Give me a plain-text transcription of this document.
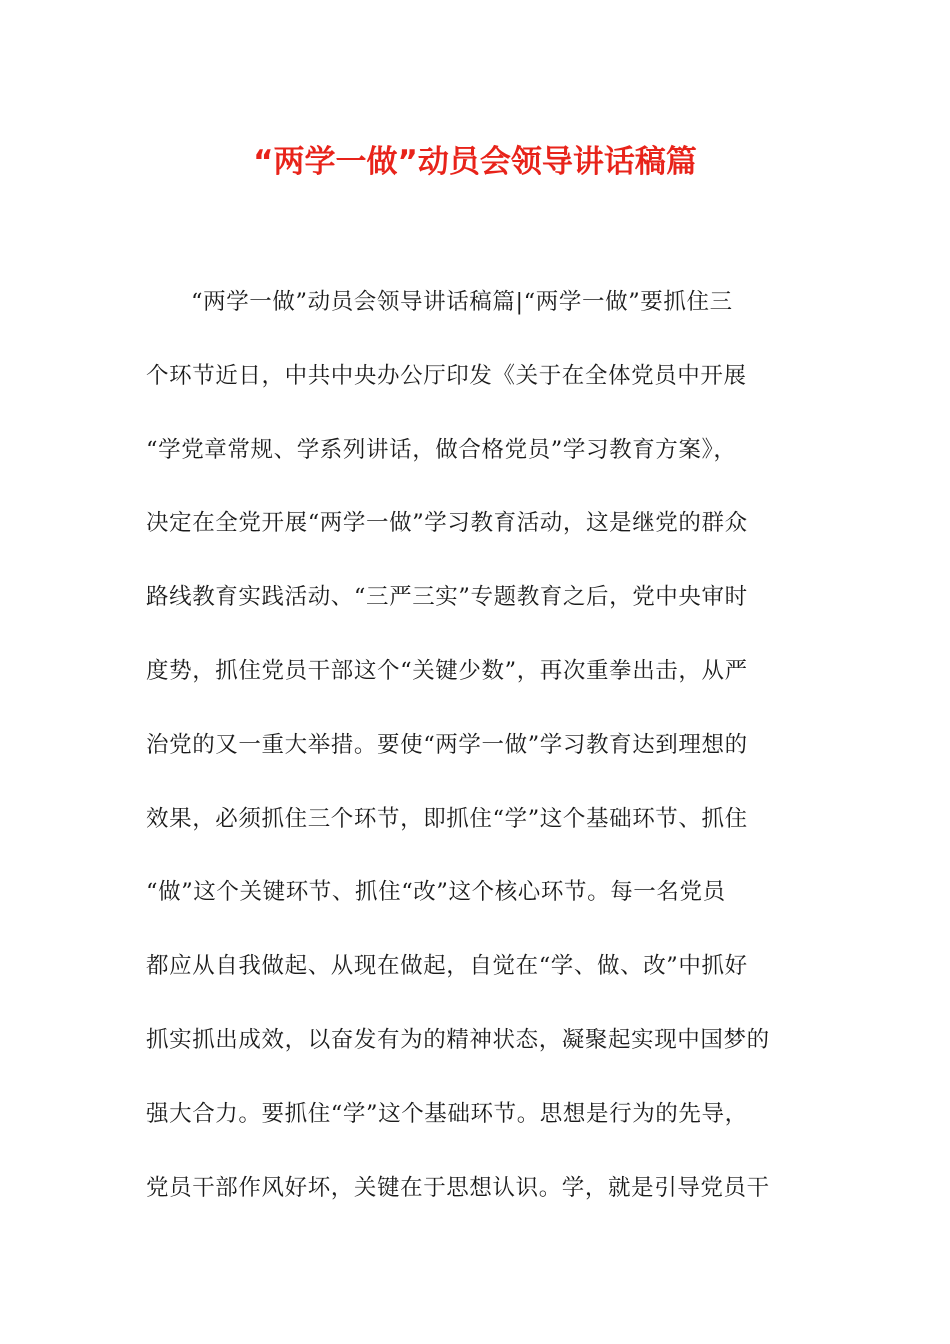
“两学一做”动员会领导讲话稿篇
“两学一做”动员会领导讲话稿篇|“两学一做”要抓住三
个环节近日，中共中央办公厅印发《关于在全体党员中开展
“学党章常规、学系列讲话，做合格党员”学习教育方案》，
决定在全党开展“两学一做”学习教育活动，这是继党的群众
路线教育实践活动、“三严三实”专题教育之后，党中央审时
度势，抓住党员干部这个“关键少数”，再次重拳出击，从严
治党的又一重大举措。要使“两学一做”学习教育达到理想的
效果，必须抓住三个环节，即抓住“学”这个基础环节、抓住
“做”这个关键环节、抓住“改”这个核心环节。每一名党员
都应从自我做起、从现在做起，自觉在“学、做、改”中抓好
抓实抓出成效，以奋发有为的精神状态，凝聚起实现中国梦的
强大合力。要抓住“学”这个基础环节。思想是行为的先导，
党员干部作风好坏，关键在于思想认识。学，就是引导党员干
